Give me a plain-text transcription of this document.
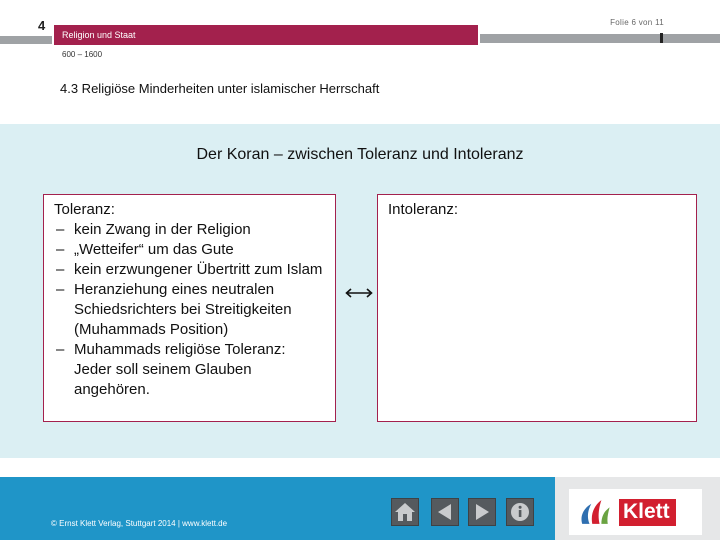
4	Folie 6 von 11
Religion und Staat
600 – 1600
4.3 Religiöse Minderheiten unter islamischer Herrschaft
Der Koran – zwischen Toleranz und Intoleranz
Toleranz:
– kein Zwang in der Religion
– „Wetteifer“ um das Gute
– kein erzwungener Übertritt zum Islam
– Heranziehung eines neutralen Schiedsrichters bei Streitigkeiten (Muhammads Position)
– Muhammads religiöse Toleranz: Jeder soll seinem Glauben angehören.
Intoleranz:
© Ernst Klett Verlag, Stuttgart 2014 | www.klett.de
Klett
